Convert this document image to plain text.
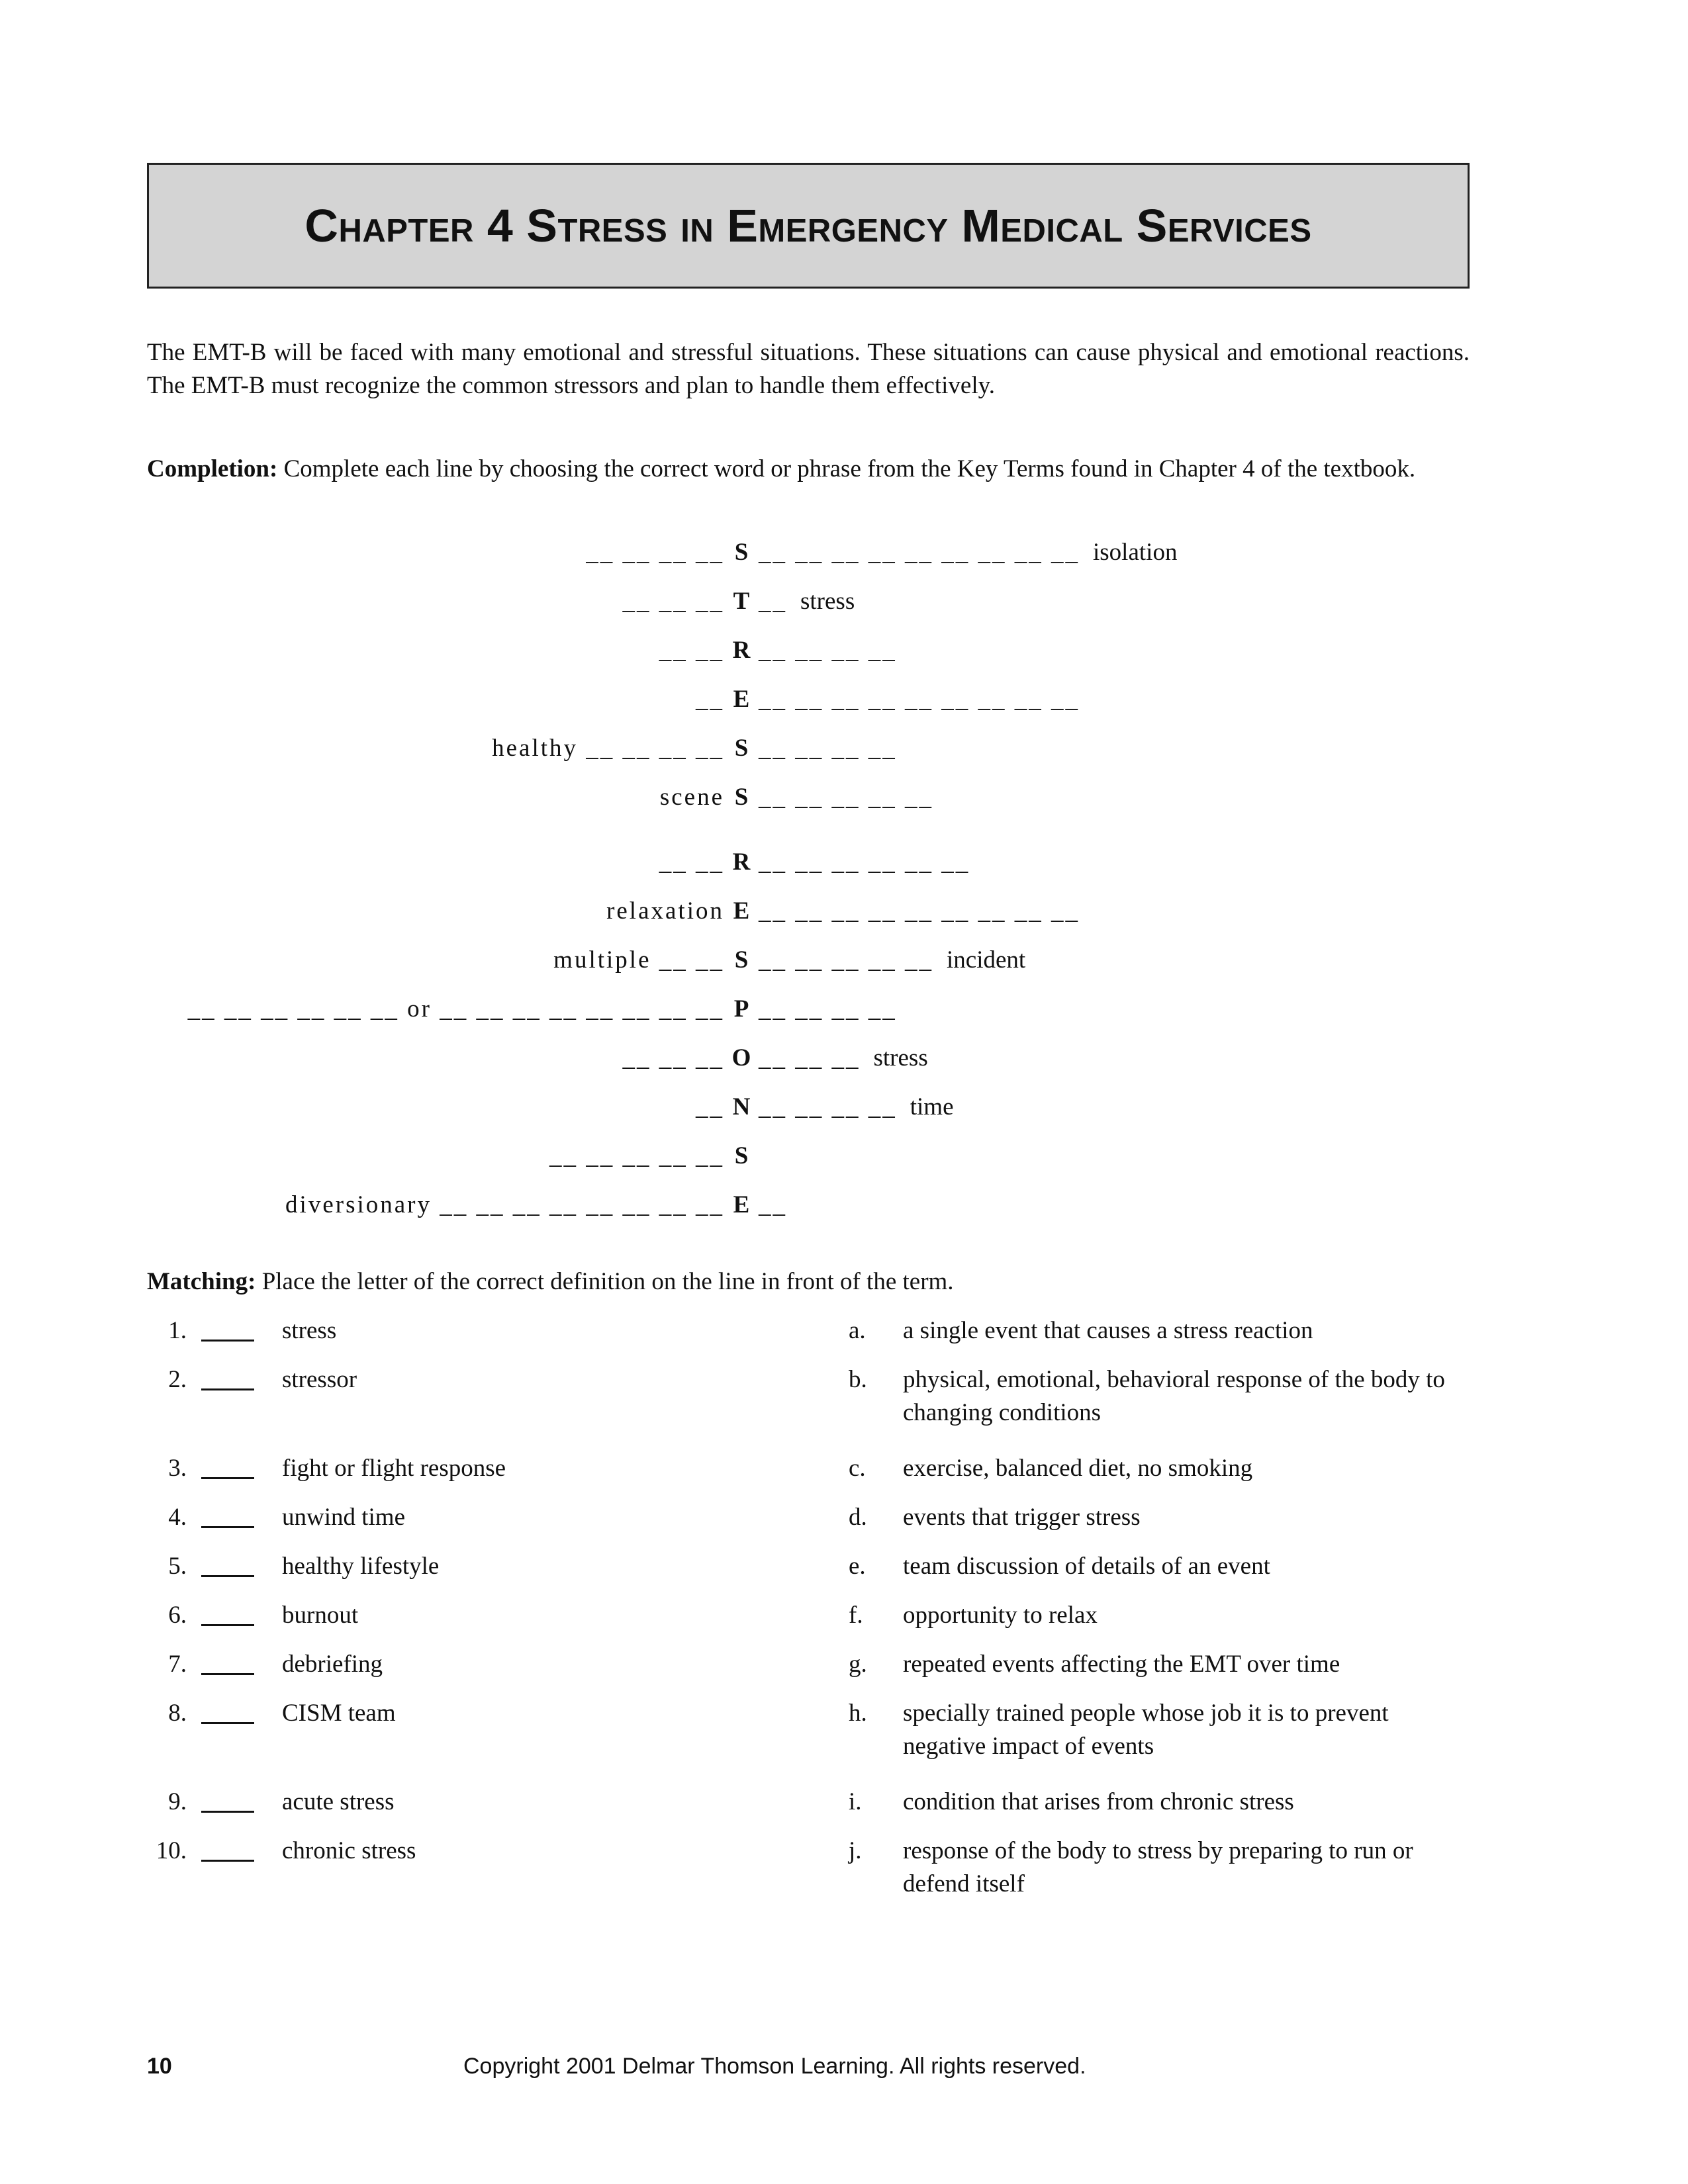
Chapter 4 Stress in Emergency Medical Services

The EMT-B will be faced with many emotional and stressful situations. These situations can cause physical and emotional reactions. The EMT-B must recognize the common stressors and plan to handle them effectively.

Completion: Complete each line by choosing the correct word or phrase from the Key Terms found in Chapter 4 of the textbook.

__ __ __ __ S __ __ __ __ __ __ __ __ __ isolation
__ __ __ T __ stress
__ __ R __ __ __ __
__ E __ __ __ __ __ __ __ __ __
healthy __ __ __ __ S __ __ __ __
scene S __ __ __ __ __
__ __ R __ __ __ __ __ __
relaxation E __ __ __ __ __ __ __ __ __
multiple __ __ S __ __ __ __ __ incident
__ __ __ __ __ __ or __ __ __ __ __ __ __ __ P __ __ __ __
__ __ __ O __ __ __ stress
__ N __ __ __ __ time
__ __ __ __ __ S
diversionary __ __ __ __ __ __ __ __ E __

Matching: Place the letter of the correct definition on the line in front of the term.

1.	stress	a. a single event that causes a stress reaction
2.	stressor	b. physical, emotional, behavioral response of the body to changing conditions
3.	fight or flight response	c. exercise, balanced diet, no smoking
4.	unwind time	d. events that trigger stress
5.	healthy lifestyle	e. team discussion of details of an event
6.	burnout	f. opportunity to relax
7.	debriefing	g. repeated events affecting the EMT over time
8.	CISM team	h. specially trained people whose job it is to prevent negative impact of events
9.	acute stress	i. condition that arises from chronic stress
10.	chronic stress	j. response of the body to stress by preparing to run or defend itself
10	Copyright 2001 Delmar Thomson Learning. All rights reserved.
